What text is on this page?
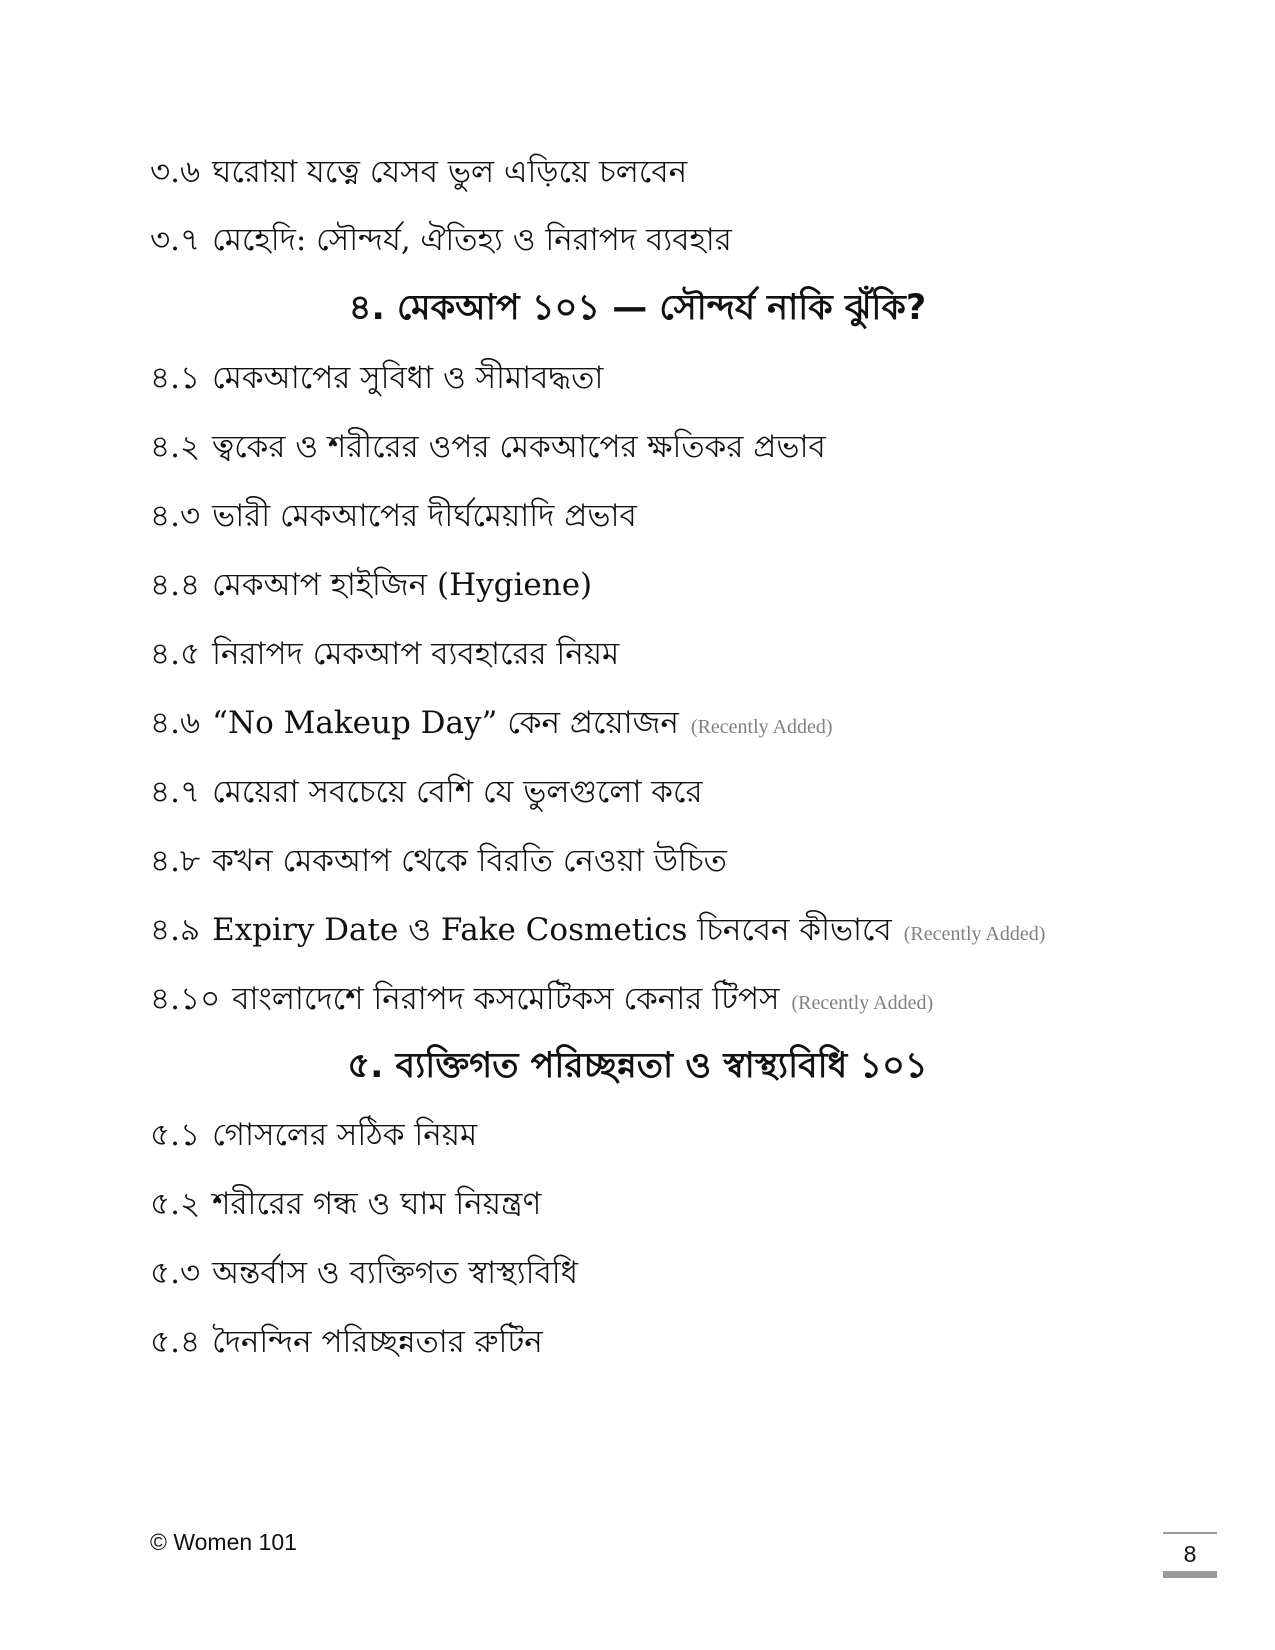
৩.৬ ঘরোয়া যত্নে যেসব ভুল এড়িয়ে চলবেন
৩.৭ মেহেদি: সৌন্দর্য, ঐতিহ্য ও নিরাপদ ব্যবহার
৪. মেকআপ ১০১ — সৌন্দর্য নাকি ঝুঁকি?
৪.১ মেকআপের সুবিধা ও সীমাবদ্ধতা
৪.২ ত্বকের ও শরীরের ওপর মেকআপের ক্ষতিকর প্রভাব
৪.৩ ভারী মেকআপের দীর্ঘমেয়াদি প্রভাব
৪.৪ মেকআপ হাইজিন (Hygiene)
৪.৫ নিরাপদ মেকআপ ব্যবহারের নিয়ম
৪.৬ “No Makeup Day” কেন প্রয়োজন (Recently Added)
৪.৭ মেয়েরা সবচেয়ে বেশি যে ভুলগুলো করে
৪.৮ কখন মেকআপ থেকে বিরতি নেওয়া উচিত
৪.৯ Expiry Date ও Fake Cosmetics চিনবেন কীভাবে (Recently Added)
৪.১০ বাংলাদেশে নিরাপদ কসমেটিকস কেনার টিপস (Recently Added)
৫. ব্যক্তিগত পরিচ্ছন্নতা ও স্বাস্থ্যবিধি ১০১
৫.১ গোসলের সঠিক নিয়ম
৫.২ শরীরের গন্ধ ও ঘাম নিয়ন্ত্রণ
৫.৩ অন্তর্বাস ও ব্যক্তিগত স্বাস্থ্যবিধি
৫.৪ দৈনন্দিন পরিচ্ছন্নতার রুটিন
© Women 101	8
